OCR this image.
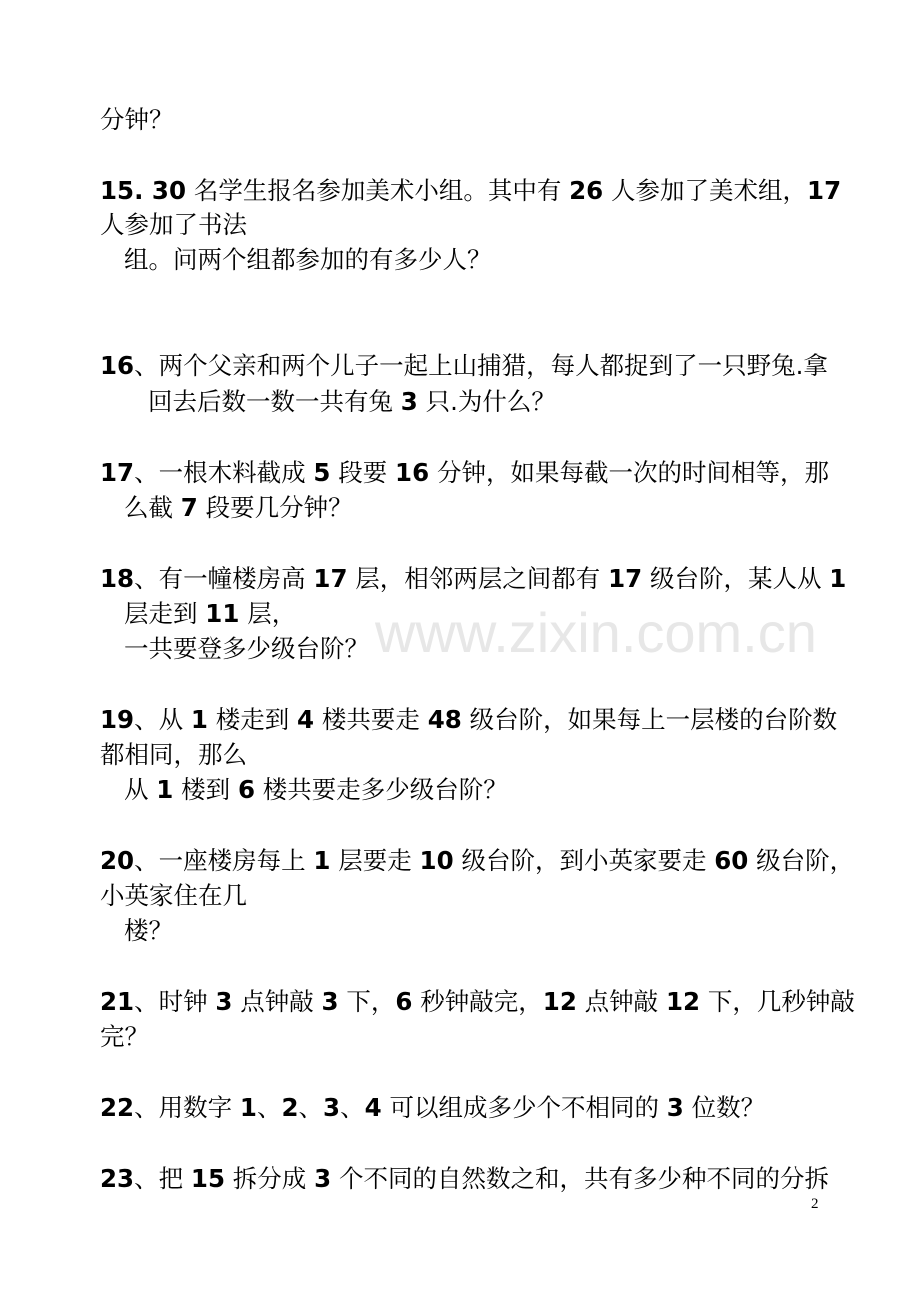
www.zixin.com.cn
分钟？
15. 30 名学生报名参加美术小组。其中有 26 人参加了美术组，17
人参加了书法
组。问两个组都参加的有多少人？
16、两个父亲和两个儿子一起上山捕猎，每人都捉到了一只野兔.拿
回去后数一数一共有兔 3 只.为什么？
17、一根木料截成 5 段要 16 分钟，如果每截一次的时间相等，那
么截 7 段要几分钟？
18、有一幢楼房高 17 层，相邻两层之间都有 17 级台阶，某人从 1
层走到 11 层，
一共要登多少级台阶？
19、从 1 楼走到 4 楼共要走 48 级台阶，如果每上一层楼的台阶数
都相同，那么
从 1 楼到 6 楼共要走多少级台阶？
20、一座楼房每上 1 层要走 10 级台阶，到小英家要走 60 级台阶，
小英家住在几
楼？
21、时钟 3 点钟敲 3 下，6 秒钟敲完，12 点钟敲 12 下，几秒钟敲
完？
22、用数字 1、2、3、4 可以组成多少个不相同的 3 位数？
23、把 15 拆分成 3 个不同的自然数之和，共有多少种不同的分拆
2
